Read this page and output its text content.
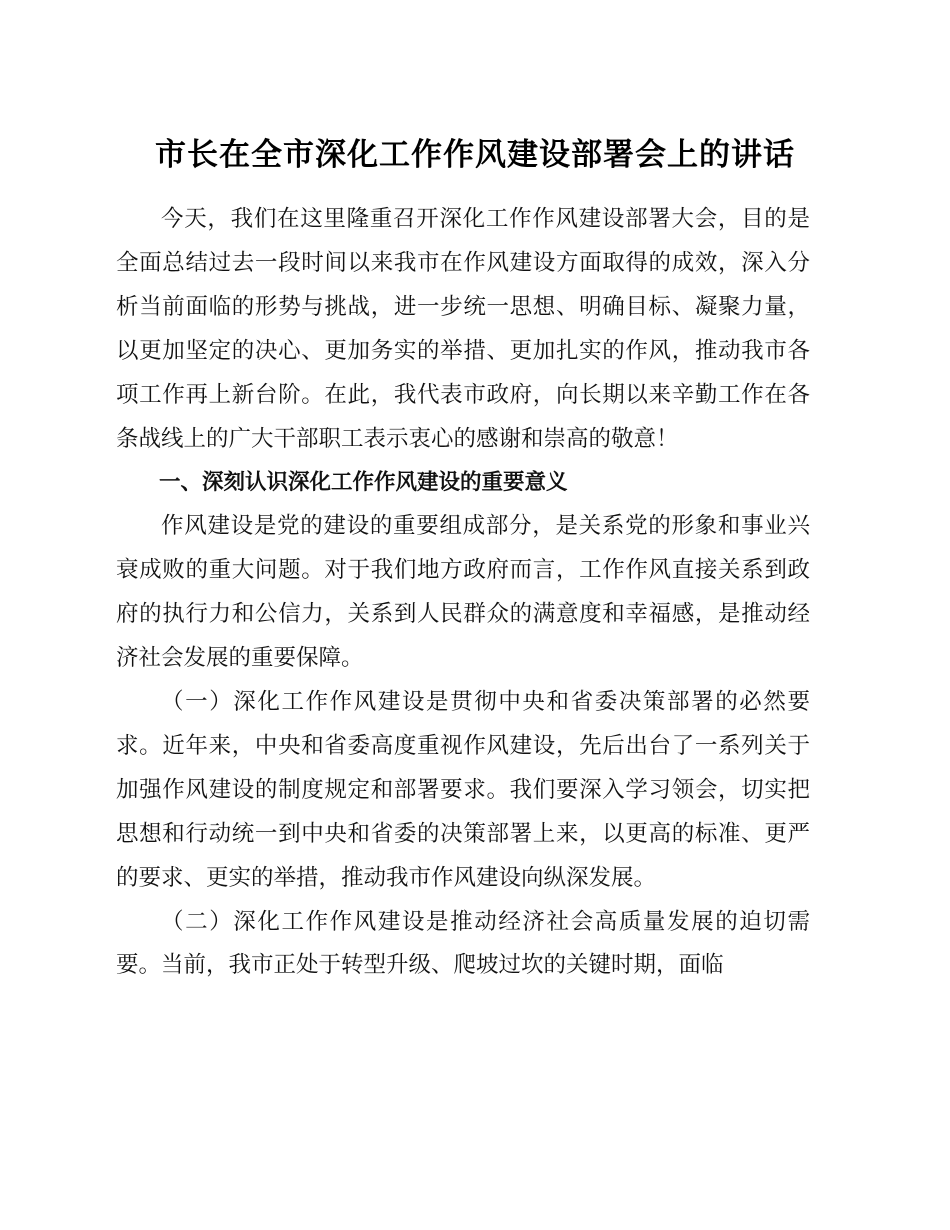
市长在全市深化工作作风建设部署会上的讲话

今天，我们在这里隆重召开深化工作作风建设部署大会，目的是全面总结过去一段时间以来我市在作风建设方面取得的成效，深入分析当前面临的形势与挑战，进一步统一思想、明确目标、凝聚力量，以更加坚定的决心、更加务实的举措、更加扎实的作风，推动我市各项工作再上新台阶。在此，我代表市政府，向长期以来辛勤工作在各条战线上的广大干部职工表示衷心的感谢和崇高的敬意！

一、深刻认识深化工作作风建设的重要意义

作风建设是党的建设的重要组成部分，是关系党的形象和事业兴衰成败的重大问题。对于我们地方政府而言，工作作风直接关系到政府的执行力和公信力，关系到人民群众的满意度和幸福感，是推动经济社会发展的重要保障。

（一）深化工作作风建设是贯彻中央和省委决策部署的必然要求。近年来，中央和省委高度重视作风建设，先后出台了一系列关于加强作风建设的制度规定和部署要求。我们要深入学习领会，切实把思想和行动统一到中央和省委的决策部署上来，以更高的标准、更严的要求、更实的举措，推动我市作风建设向纵深发展。

（二）深化工作作风建设是推动经济社会高质量发展的迫切需要。当前，我市正处于转型升级、爬坡过坎的关键时期，面临
